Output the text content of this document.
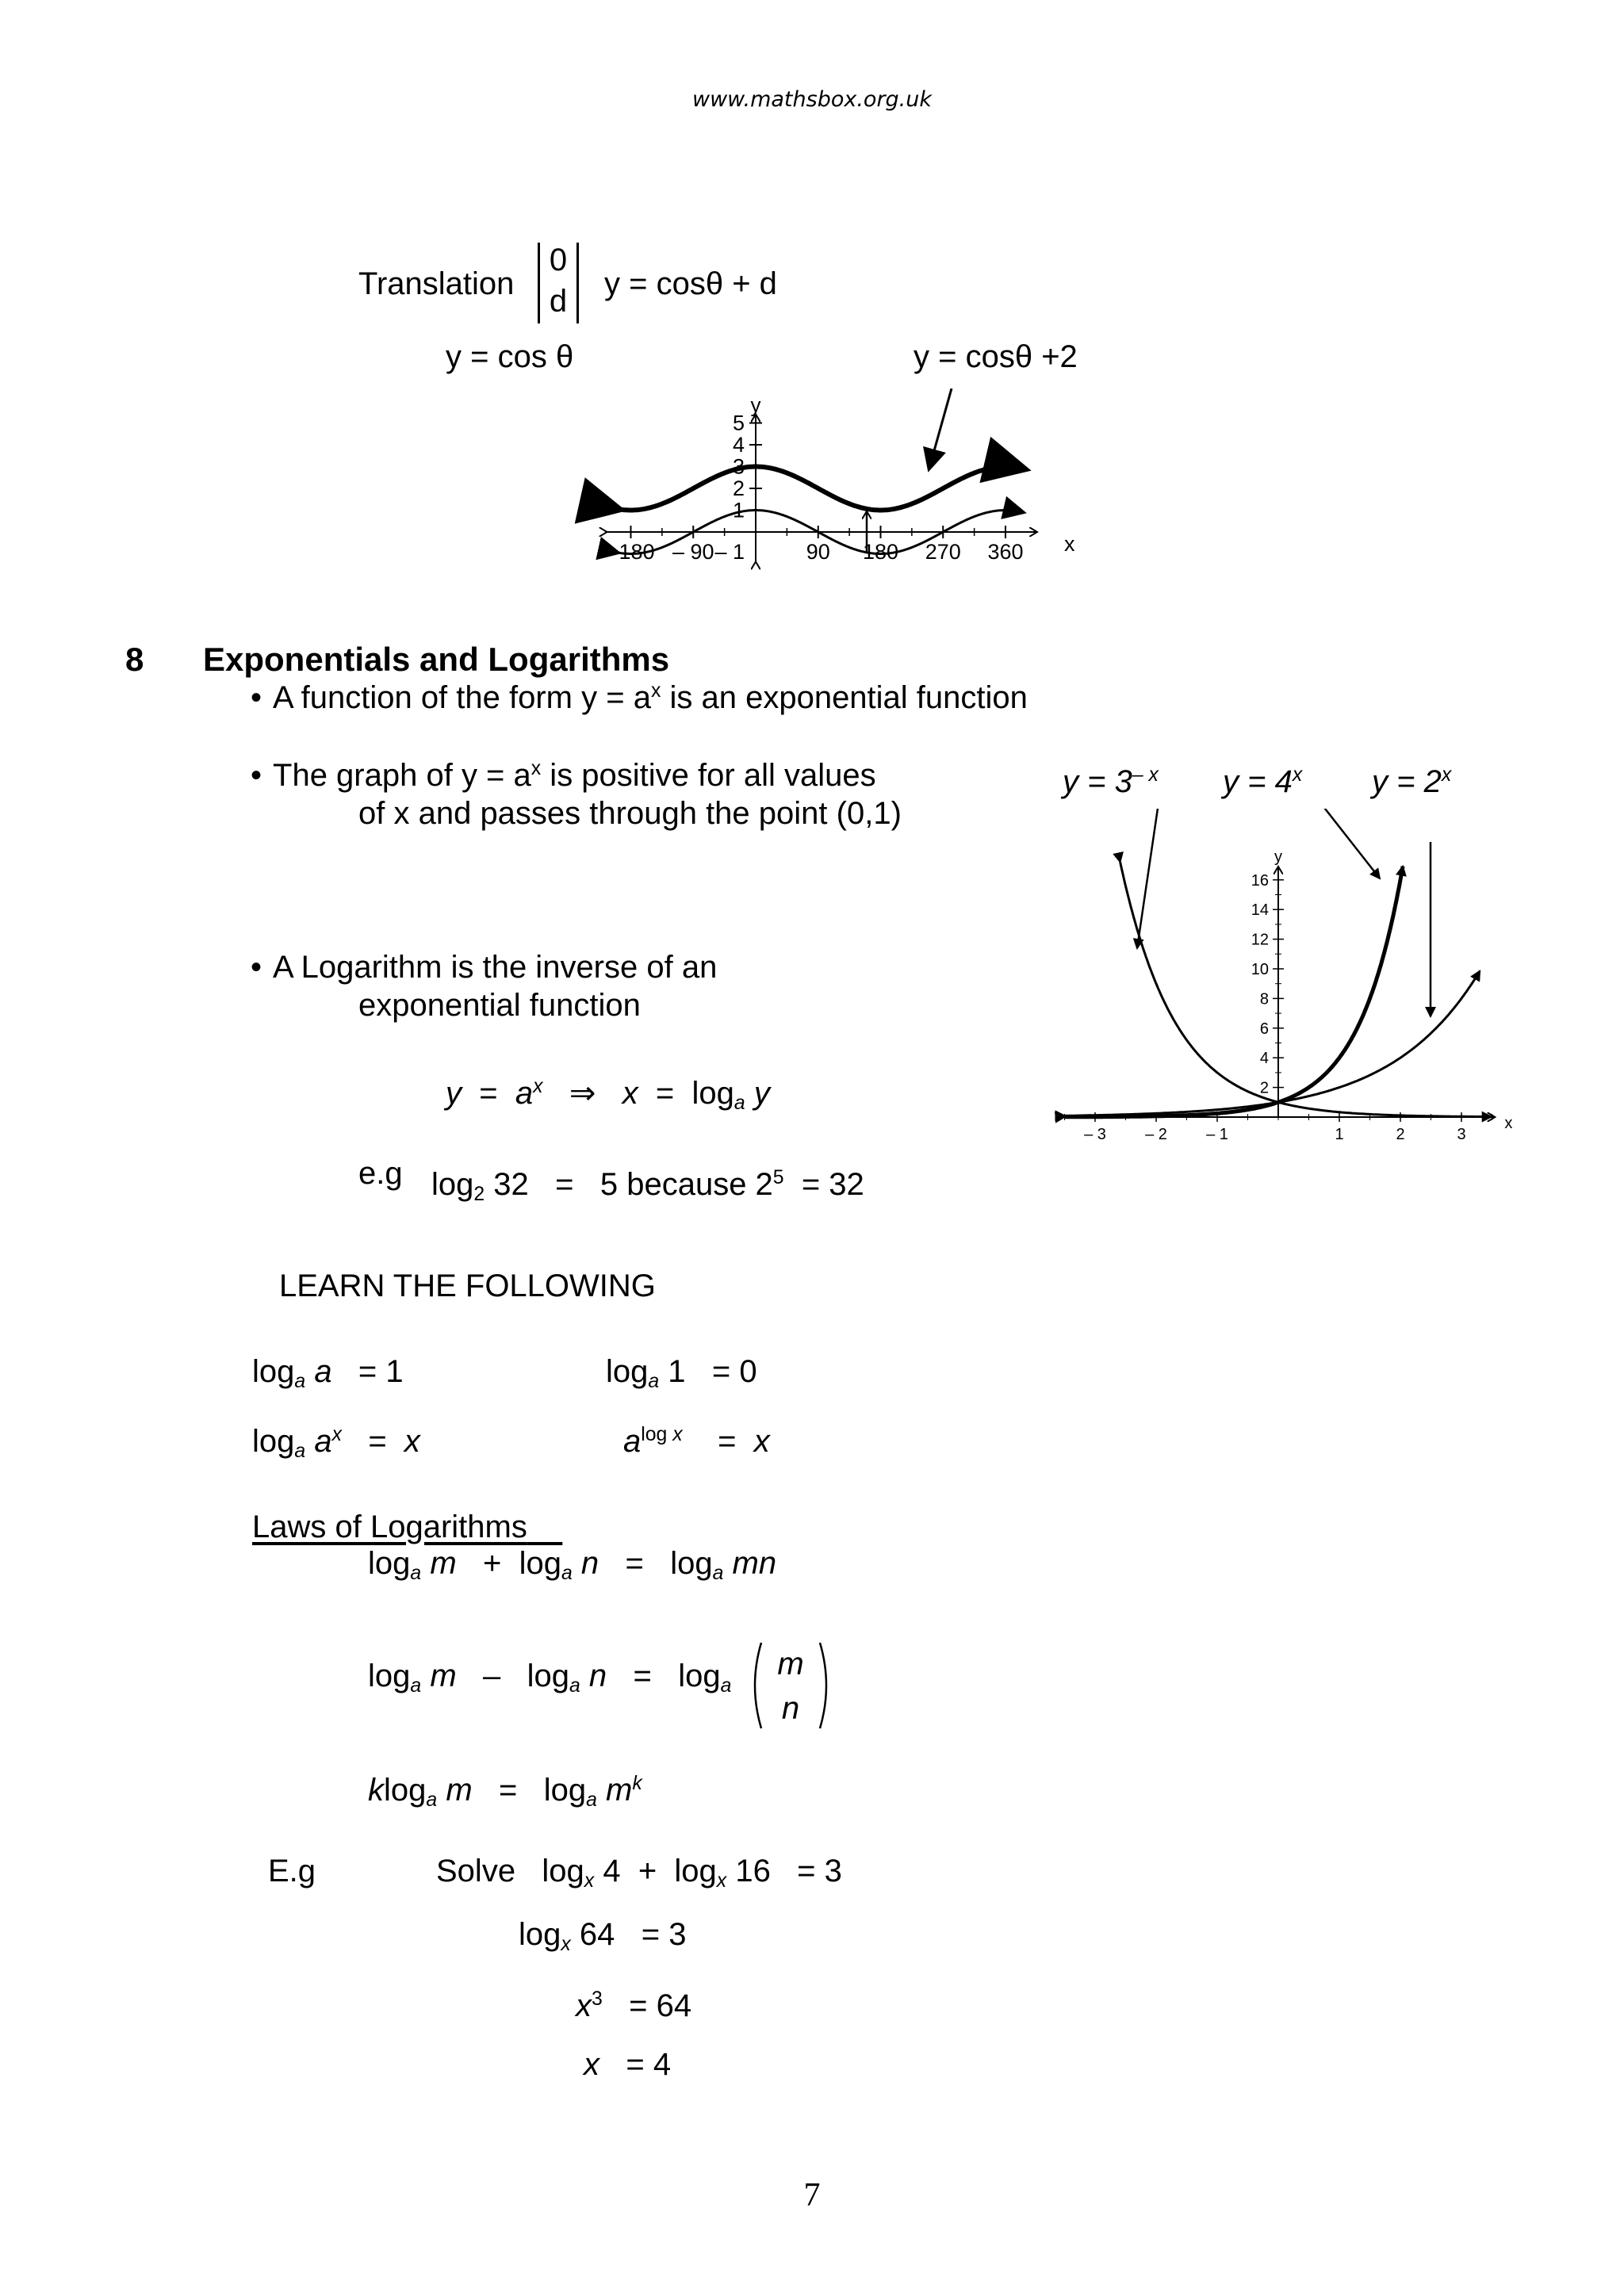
www.mathsbox.org.uk
Translation
0
d y = cosθ + d
y = cos θ	y = cosθ +2
–180 – 90	90 180 270 360
5
4
3
2
1
– 1
y
x
8 Exponentials and Logarithms
• A function of the form $y = a^x$ is an exponential function
• The graph of $y = a^x$ is positive for all values
of x and passes through the point (0,1)
• A Logarithm is the inverse of an
exponential function
$y = 3^{- x}$ $y = 4^x$ $y = 2^x$
16
14
12
10
8
6
4
2
– 3 – 2 – 1	1	2	3
y
x
$y = a^x$ ⇒ x = loga y
e.g log2 32 = 5 because $2^5 = 32$
LEARN THE FOLLOWING
loga a = 1	loga 1 = 0
loga $a^x = x$	$a^{log}$ $^x$ = x
Laws of Logarithms
loga m + loga n = loga mn
loga m – loga n = loga
m
n
kloga m = loga $m^k$
E.g	Solve logx 4 + logx 16 = 3
logx 64 = 3
$x^3 = 64$
x = 4
7
